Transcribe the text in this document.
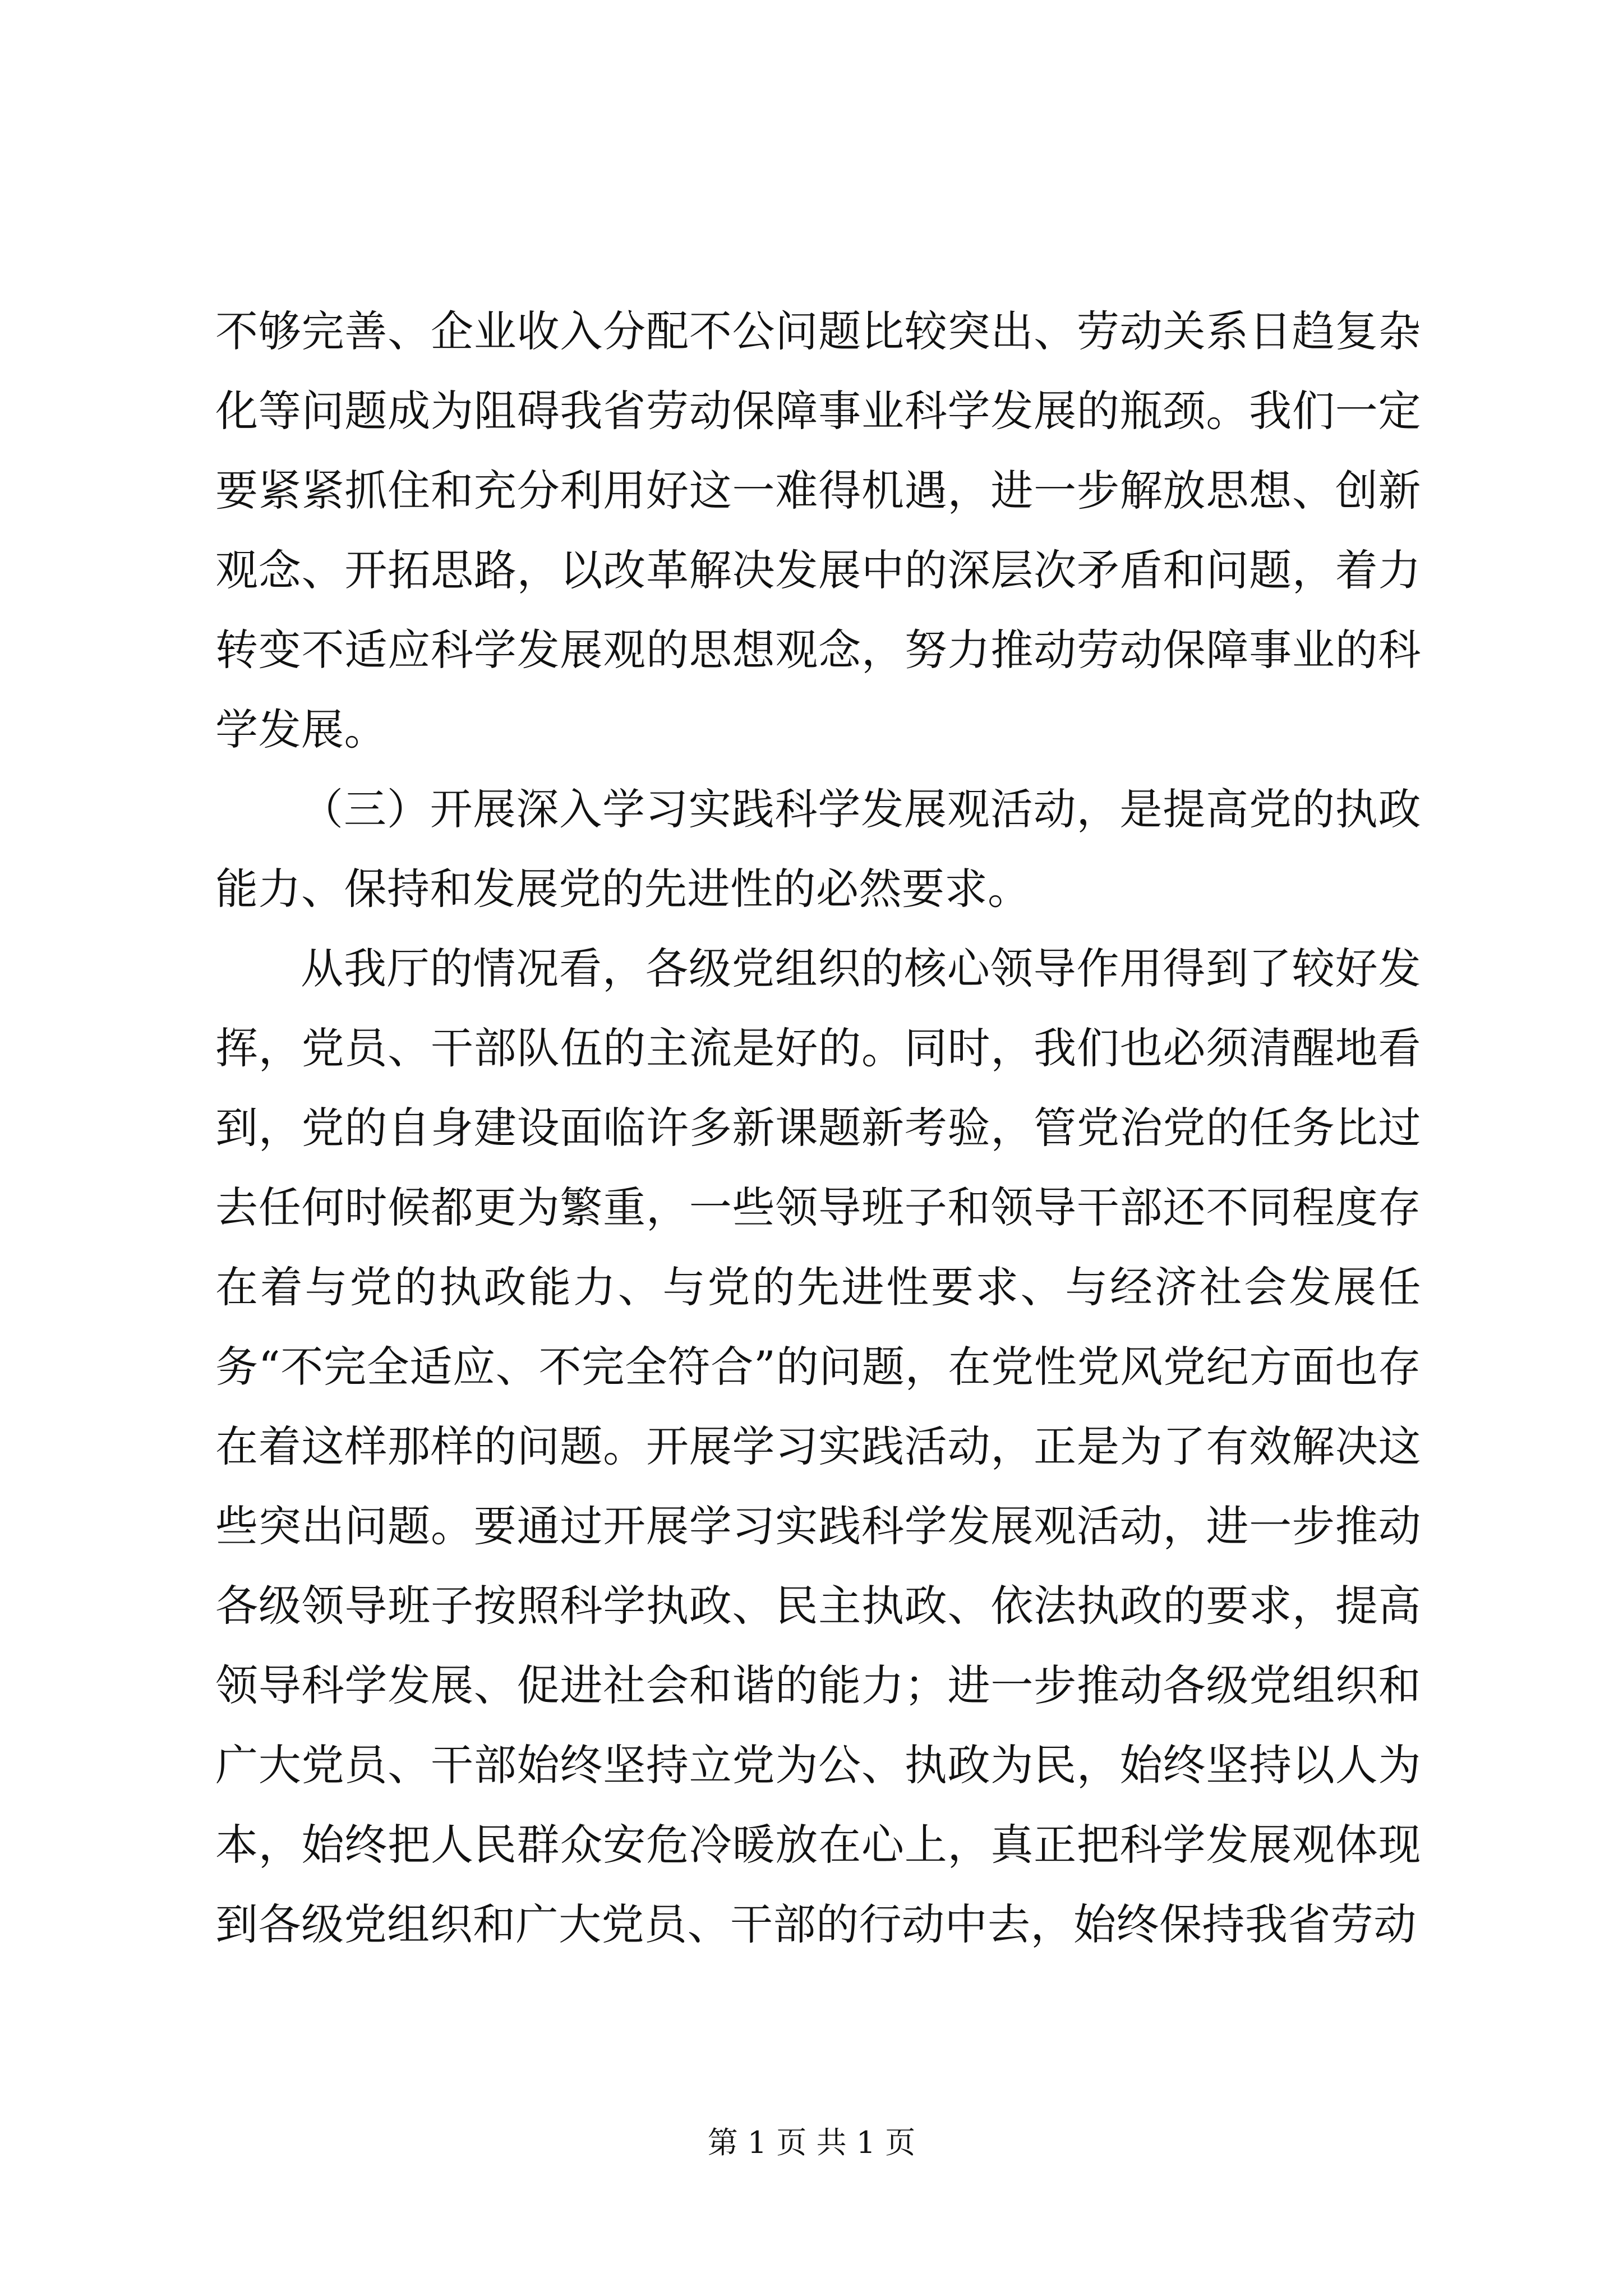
不够完善、企业收入分配不公问题比较突出、劳动关系日趋复杂化等问题成为阻碍我省劳动保障事业科学发展的瓶颈。我们一定要紧紧抓住和充分利用好这一难得机遇，进一步解放思想、创新观念、开拓思路，以改革解决发展中的深层次矛盾和问题，着力转变不适应科学发展观的思想观念，努力推动劳动保障事业的科学发展。

（三）开展深入学习实践科学发展观活动，是提高党的执政能力、保持和发展党的先进性的必然要求。

从我厅的情况看，各级党组织的核心领导作用得到了较好发挥，党员、干部队伍的主流是好的。同时，我们也必须清醒地看到，党的自身建设面临许多新课题新考验，管党治党的任务比过去任何时候都更为繁重，一些领导班子和领导干部还不同程度存在着与党的执政能力、与党的先进性要求、与经济社会发展任务“不完全适应、不完全符合”的问题，在党性党风党纪方面也存在着这样那样的问题。开展学习实践活动，正是为了有效解决这些突出问题。要通过开展学习实践科学发展观活动，进一步推动各级领导班子按照科学执政、民主执政、依法执政的要求，提高领导科学发展、促进社会和谐的能力；进一步推动各级党组织和广大党员、干部始终坚持立党为公、执政为民，始终坚持以人为本，始终把人民群众安危冷暖放在心上，真正把科学发展观体现到各级党组织和广大党员、干部的行动中去，始终保持我省劳动

第 1 页 共 1 页
